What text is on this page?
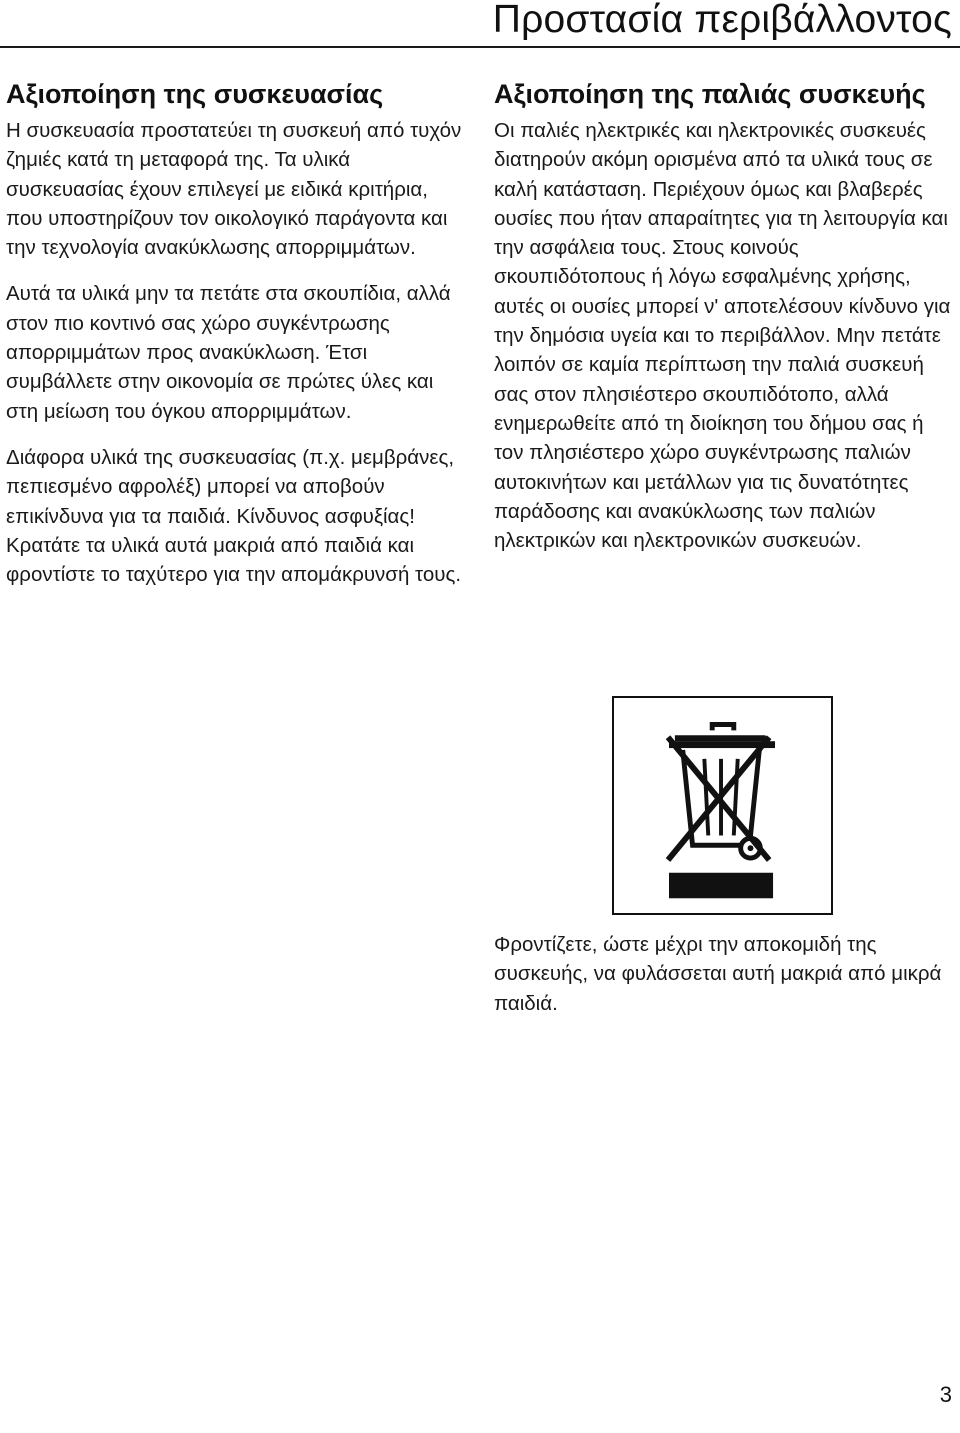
Προστασία περιβάλλοντος
Αξιοποίηση της συσκευασίας

Η συσκευασία προστατεύει τη συσκευή από τυχόν ζημιές κατά τη μεταφορά της. Τα υλικά συσκευασίας έχουν επιλεγεί με ειδικά κριτήρια, που υποστηρίζουν τον οικολογικό παράγοντα και την τεχνολογία ανακύκλωσης απορριμμάτων.

Αυτά τα υλικά μην τα πετάτε στα σκουπίδια, αλλά στον πιο κοντινό σας χώρο συγκέντρωσης απορριμμάτων προς ανακύκλωση. Έτσι συμβάλλετε στην οικονομία σε πρώτες ύλες και στη μείωση του όγκου απορριμμάτων.

Διάφορα υλικά της συσκευασίας (π.χ. μεμβράνες, πεπιεσμένο αφρολέξ) μπορεί να αποβούν επικίνδυνα για τα παιδιά. Κίνδυνος ασφυξίας! Κρατάτε τα υλικά αυτά μακριά από παιδιά και φροντίστε το ταχύτερο για την απομάκρυνσή τους.

Αξιοποίηση της παλιάς συσκευής

Οι παλιές ηλεκτρικές και ηλεκτρονικές συσκευές διατηρούν ακόμη ορισμένα από τα υλικά τους σε καλή κατάσταση. Περιέχουν όμως και βλαβερές ουσίες που ήταν απαραίτητες για τη λειτουργία και την ασφάλεια τους. Στους κοινούς σκουπιδότοπους ή λόγω εσφαλμένης χρήσης, αυτές οι ουσίες μπορεί ν' αποτελέσουν κίνδυνο για την δημόσια υγεία και το περιβάλλον. Μην πετάτε λοιπόν σε καμία περίπτωση την παλιά συσκευή σας στον πλησιέστερο σκουπιδότοπο, αλλά ενημερωθείτε από τη διοίκηση του δήμου σας ή τον πλησιέστερο χώρο συγκέντρωσης παλιών αυτοκινήτων και μετάλλων για τις δυνατότητες παράδοσης και ανακύκλωσης των παλιών ηλεκτρικών και ηλεκτρονικών συσκευών.

Φροντίζετε, ώστε μέχρι την αποκομιδή της συσκευής, να φυλάσσεται αυτή μακριά από μικρά παιδιά.

3
